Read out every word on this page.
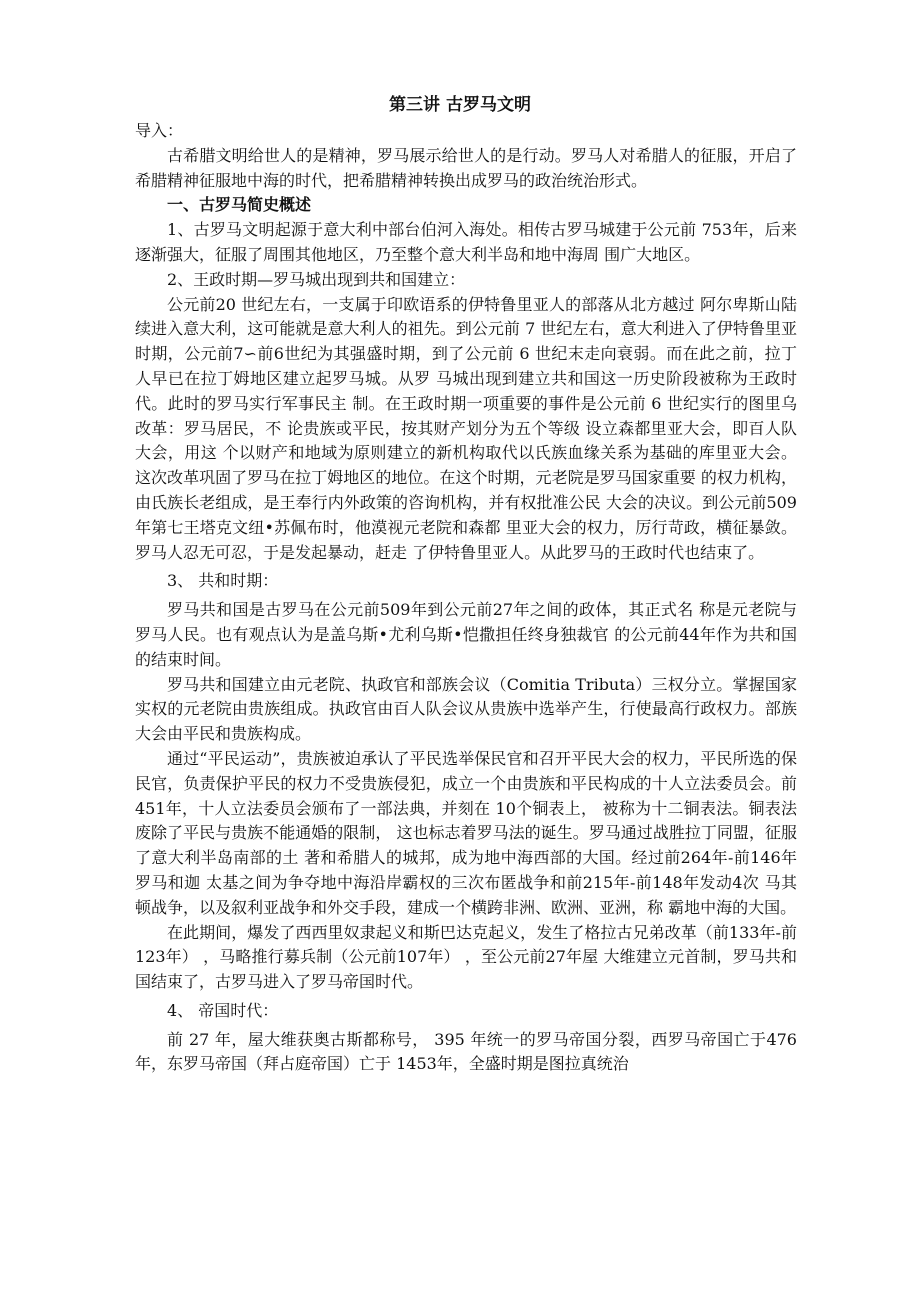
第三讲 古罗马文明

导入：

古希腊文明给世人的是精神，罗马展示给世人的是行动。罗马人对希腊人的征服，开启了希腊精神征服地中海的时代，把希腊精神转换出成罗马的政治统治形式。

一、古罗马简史概述

1、古罗马文明起源于意大利中部台伯河入海处。相传古罗马城建于公元前 753年，后来逐渐强大，征服了周围其他地区，乃至整个意大利半岛和地中海周 围广大地区。

2、王政时期—罗马城出现到共和国建立：

公元前20 世纪左右，一支属于印欧语系的伊特鲁里亚人的部落从北方越过 阿尔卑斯山陆续进入意大利，这可能就是意大利人的祖先。到公元前 7 世纪左右，意大利进入了伊特鲁里亚时期，公元前7∽前6世纪为其强盛时期，到了公元前 6 世纪末走向衰弱。而在此之前，拉丁人早已在拉丁姆地区建立起罗马城。从罗 马城出现到建立共和国这一历史阶段被称为王政时代。此时的罗马实行军事民主 制。在王政时期一项重要的事件是公元前 6 世纪实行的图里乌改革：罗马居民，不 论贵族或平民，按其财产划分为五个等级 设立森都里亚大会，即百人队大会，用这 个以财产和地域为原则建立的新机构取代以氏族血缘关系为基础的库里亚大会。 这次改革巩固了罗马在拉丁姆地区的地位。在这个时期，元老院是罗马国家重要 的权力机构，由氏族长老组成，是王奉行内外政策的咨询机构，并有权批准公民 大会的决议。到公元前509年第七王塔克文纽•苏佩布时，他漠视元老院和森都 里亚大会的权力，厉行苛政，横征暴敛。罗马人忍无可忍，于是发起暴动，赶走 了伊特鲁里亚人。从此罗马的王政时代也结束了。

3、 共和时期：

罗马共和国是古罗马在公元前509年到公元前27年之间的政体，其正式名 称是元老院与罗马人民。也有观点认为是盖乌斯•尤利乌斯•恺撒担任终身独裁官 的公元前44年作为共和国的结束时间。

罗马共和国建立由元老院、执政官和部族会议（Comitia Tributa）三权分立。掌握国家实权的元老院由贵族组成。执政官由百人队会议从贵族中选举产生，行使最高行政权力。部族大会由平民和贵族构成。

通过“平民运动”，贵族被迫承认了平民选举保民官和召开平民大会的权力，平民所选的保民官，负责保护平民的权力不受贵族侵犯，成立一个由贵族和平民构成的十人立法委员会。前451年，十人立法委员会颁布了一部法典，并刻在 10个铜表上， 被称为十二铜表法。铜表法废除了平民与贵族不能通婚的限制， 这也标志着罗马法的诞生。罗马通过战胜拉丁同盟，征服了意大利半岛南部的土 著和希腊人的城邦，成为地中海西部的大国。经过前264年-前146年罗马和迦 太基之间为争夺地中海沿岸霸权的三次布匿战争和前215年-前148年发动4次 马其顿战争，以及叙利亚战争和外交手段，建成一个横跨非洲、欧洲、亚洲，称 霸地中海的大国。

在此期间，爆发了西西里奴隶起义和斯巴达克起义，发生了格拉古兄弟改革（前133年-前123年） ，马略推行募兵制（公元前107年） ，至公元前27年屋 大维建立元首制，罗马共和国结束了，古罗马进入了罗马帝国时代。

4、 帝国时代：

前 27 年，屋大维获奥古斯都称号， 395 年统一的罗马帝国分裂，西罗马帝国亡于476年，东罗马帝国（拜占庭帝国）亡于 1453年，全盛时期是图拉真统治
